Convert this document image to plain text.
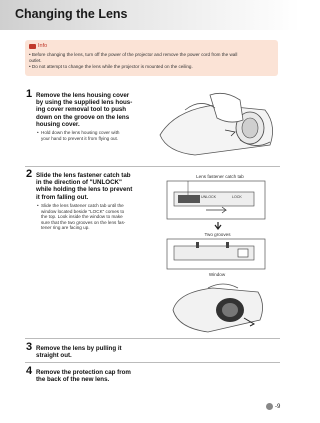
Changing the Lens
Info
• Before changing the lens, turn off the power of the projector and remove the power cord from the wall
outlet.
• Do not attempt to change the lens while the projector is mounted on the ceiling.
1 Remove the lens housing cover
by using the supplied lens hous-
ing cover removal tool to push
down on the groove on the lens
housing cover.
• Hold down the lens housing cover with
your hand to prevent it from flying out.
2 Slide the lens fastener catch tab
in the direction of "UNLOCK"
while holding the lens to prevent
it from falling out.
• Slide the lens fastener catch tab until the
window located beside "LOCK" comes to
the top. Look inside the window to make
sure that the two grooves on the lens fas-
tener ring are facing up.
Lens fastener catch tab
UNLOCK	LOCK
Two grooves
Window
3 Remove the lens by pulling it
straight out.
4 Remove the protection cap from
the back of the new lens.
-9
